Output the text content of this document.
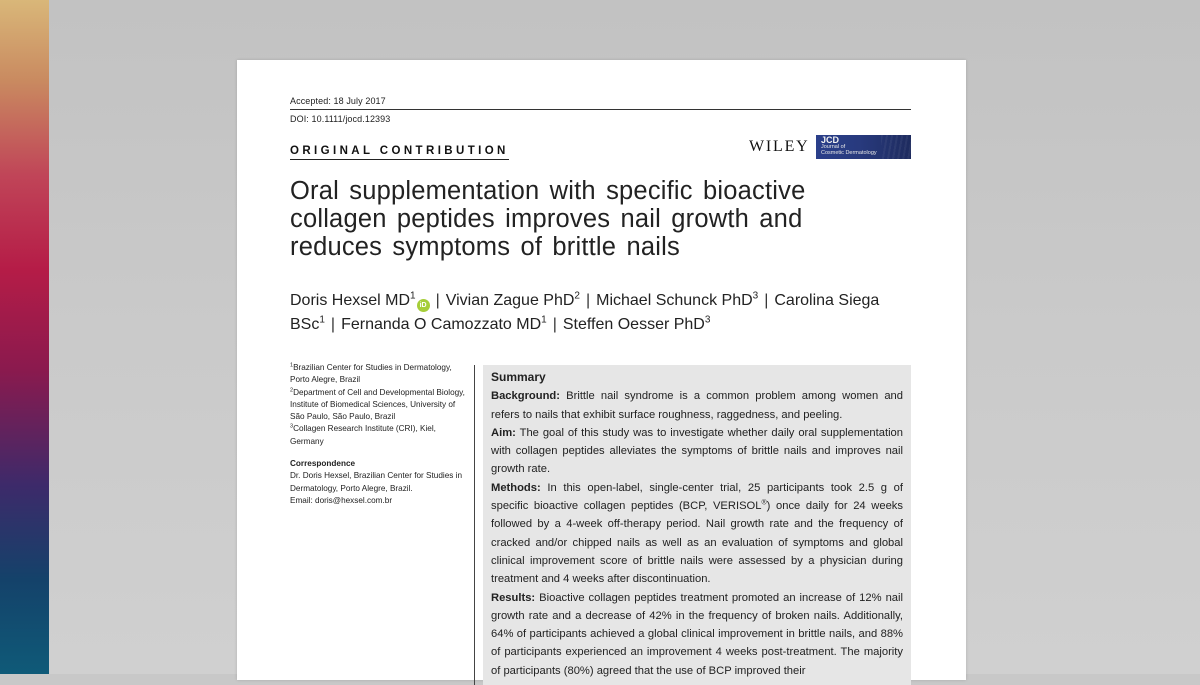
Accepted: 18 July 2017
DOI: 10.1111/jocd.12393
ORIGINAL CONTRIBUTION	WILEY JCD
Journal of
Cosmetic Dermatology
Oral supplementation with specific bioactive collagen peptides improves nail growth and reduces symptoms of brittle nails
Doris Hexsel $MD^1iD$ | Vivian Zague PhD$^2$ | Michael Schunck PhD$^3$ | Carolina Siega BSc$^1$ | Fernanda O Camozzato $MD^1$ | Steffen Oesser PhD$^3$

$^1$Brazilian Center for Studies in Dermatology, Porto Alegre, Brazil

$^2$Department of Cell and Developmental Biology, Institute of Biomedical Sciences, University of São Paulo, São Paulo, Brazil

$^3$Collagen Research Institute (CRI), Kiel, Germany

Correspondence

Dr. Doris Hexsel, Brazilian Center for Studies in Dermatology, Porto Alegre, Brazil.

Email: doris@hexsel.com.br

Summary

Background: Brittle nail syndrome is a common problem among women and refers to nails that exhibit surface roughness, raggedness, and peeling.

Aim: The goal of this study was to investigate whether daily oral supplementation with collagen peptides alleviates the symptoms of brittle nails and improves nail growth rate.

Methods: In this open-label, single-center trial, 25 participants took 2.5 g of specific bioactive collagen peptides (BCP, VERISOL®) once daily for 24 weeks followed by a 4-week off-therapy period. Nail growth rate and the frequency of cracked and/or chipped nails as well as an evaluation of symptoms and global clinical improvement score of brittle nails were assessed by a physician during treatment and 4 weeks after discontinuation.

Results: Bioactive collagen peptides treatment promoted an increase of 12% nail growth rate and a decrease of 42% in the frequency of broken nails. Additionally, 64% of participants achieved a global clinical improvement in brittle nails, and 88% of participants experienced an improvement 4 weeks post-treatment. The majority of participants (80%) agreed that the use of BCP improved their
